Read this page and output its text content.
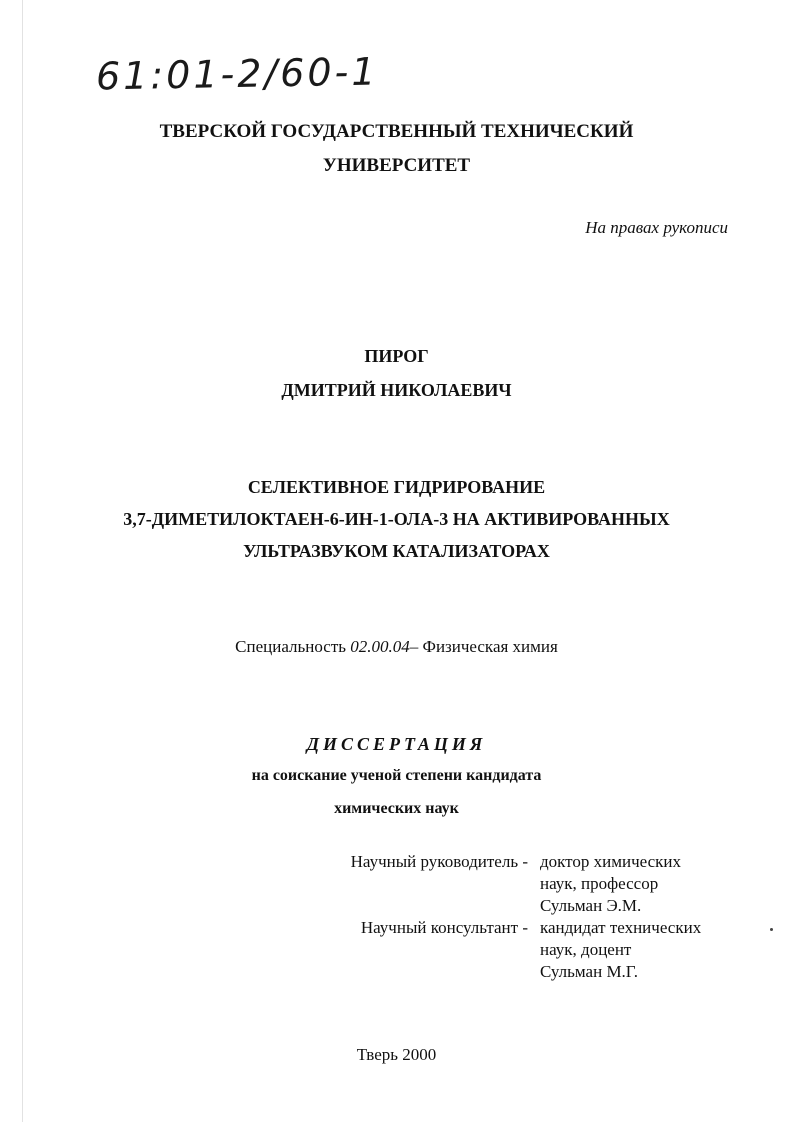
61:01-2/60-1
ТВЕРСКОЙ ГОСУДАРСТВЕННЫЙ ТЕХНИЧЕСКИЙ
УНИВЕРСИТЕТ
На правах рукописи
ПИРОГ
ДМИТРИЙ НИКОЛАЕВИЧ
СЕЛЕКТИВНОЕ ГИДРИРОВАНИЕ
3,7-ДИМЕТИЛОКТАЕН-6-ИН-1-ОЛА-3 НА АКТИВИРОВАННЫХ
УЛЬТРАЗВУКОМ КАТАЛИЗАТОРАХ
Специальность 02.00.04– Физическая химия
ДИССЕРТАЦИЯ
на соискание ученой степени кандидата
химических наук
Научный руководитель - доктор химических
наук, профессор
Сульман Э.М.
Научный консультант - кандидат технических
наук, доцент
Сульман М.Г.
Тверь 2000
